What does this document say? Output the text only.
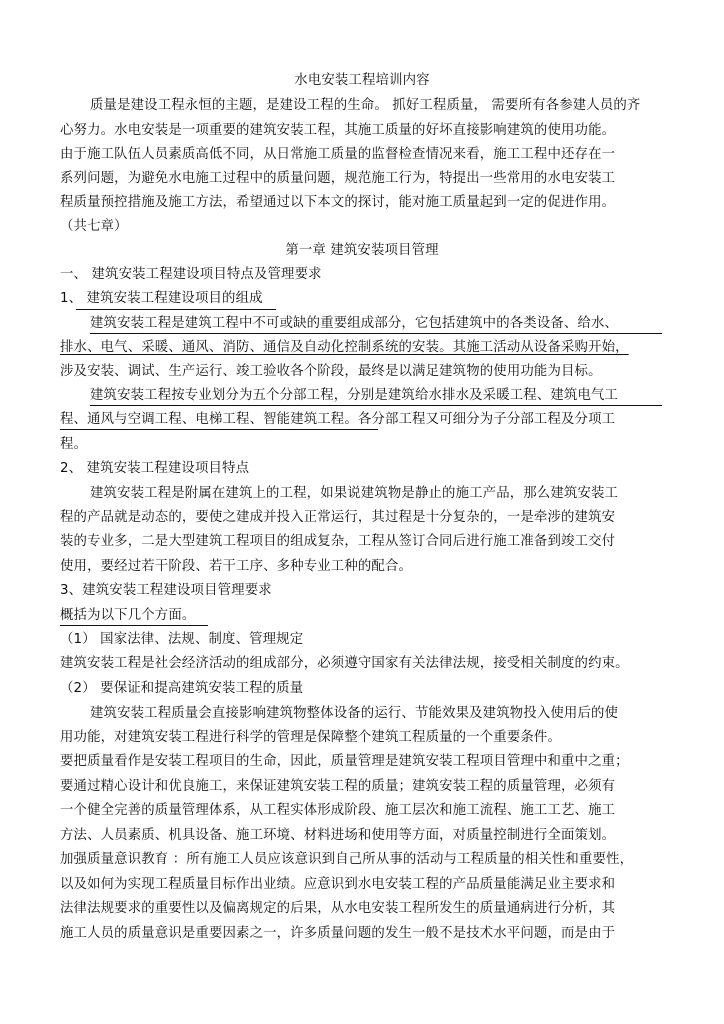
水电安装工程培训内容
质量是建设工程永恒的主题，是建设工程的生命。 抓好工程质量， 需要所有各参建人员的齐
心努力。水电安装是一项重要的建筑安装工程，其施工质量的好坏直接影响建筑的使用功能。
由于施工队伍人员素质高低不同，从日常施工质量的监督检查情况来看，施工工程中还存在一
系列问题，为避免水电施工过程中的质量问题，规范施工行为，特提出一些常用的水电安装工
程质量预控措施及施工方法，希望通过以下本文的探讨，能对施工质量起到一定的促进作用。
（共七章）
第一章 建筑安装项目管理
一、 建筑安装工程建设项目特点及管理要求
1、 建筑安装工程建设项目的组成
建筑安装工程是建筑工程中不可或缺的重要组成部分，它包括建筑中的各类设备、给水、
排水、电气、采暖、通风、消防、通信及自动化控制系统的安装。其施工活动从设备采购开始，
涉及安装、调试、生产运行、竣工验收各个阶段，最终是以满足建筑物的使用功能为目标。
建筑安装工程按专业划分为五个分部工程，分别是建筑给水排水及采暖工程、建筑电气工
程、通风与空调工程、电梯工程、智能建筑工程。各分部工程又可细分为子分部工程及分项工
程。
2、 建筑安装工程建设项目特点
建筑安装工程是附属在建筑上的工程，如果说建筑物是静止的施工产品，那么建筑安装工
程的产品就是动态的，要使之建成并投入正常运行，其过程是十分复杂的，一是牵涉的建筑安
装的专业多，二是大型建筑工程项目的组成复杂，工程从签订合同后进行施工准备到竣工交付
使用，要经过若干阶段、若干工序、多种专业工种的配合。
3、建筑安装工程建设项目管理要求
概括为以下几个方面。
（1） 国家法律、法规、制度、管理规定
建筑安装工程是社会经济活动的组成部分，必须遵守国家有关法律法规，接受相关制度的约束。
（2） 要保证和提高建筑安装工程的质量
建筑安装工程质量会直接影响建筑物整体设备的运行、节能效果及建筑物投入使用后的使
用功能，对建筑安装工程进行科学的管理是保障整个建筑工程质量的一个重要条件。
要把质量看作是安装工程项目的生命，因此，质量管理是建筑安装工程项目管理中和重中之重；
要通过精心设计和优良施工，来保证建筑安装工程的质量；建筑安装工程的质量管理，必须有
一个健全完善的质量管理体系，从工程实体形成阶段、施工层次和施工流程、施工工艺、施工
方法、人员素质、机具设备、施工环境、材料进场和使用等方面，对质量控制进行全面策划。
加强质量意识教育 ：所有施工人员应该意识到自己所从事的活动与工程质量的相关性和重要性，
以及如何为实现工程质量目标作出业绩。应意识到水电安装工程的产品质量能满足业主要求和
法律法规要求的重要性以及偏离规定的后果，从水电安装工程所发生的质量通病进行分析，其
施工人员的质量意识是重要因素之一，许多质量问题的发生一般不是技术水平问题，而是由于
